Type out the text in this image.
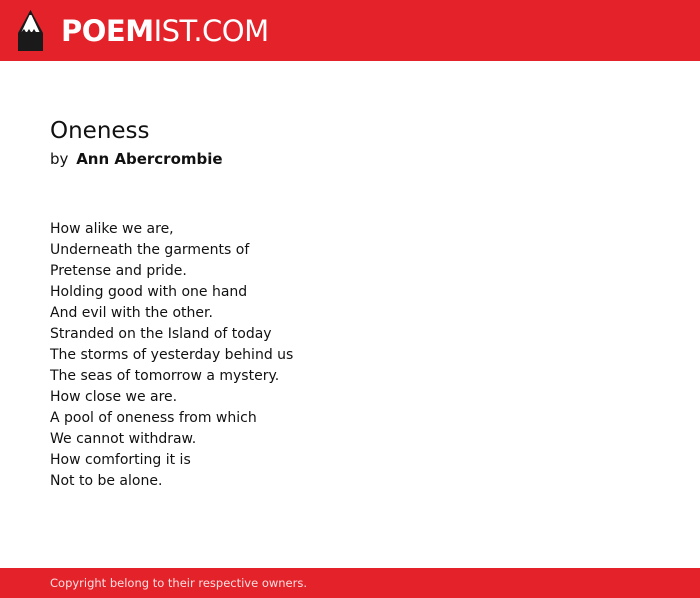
POEMIST.COM
Oneness
by Ann Abercrombie
How alike we are,
Underneath the garments of
Pretense and pride.
Holding good with one hand
And evil with the other.
Stranded on the Island of today
The storms of yesterday behind us
The seas of tomorrow a mystery.
How close we are.
A pool of oneness from which
We cannot withdraw.
How comforting it is
Not to be alone.
Copyright belong to their respective owners.
